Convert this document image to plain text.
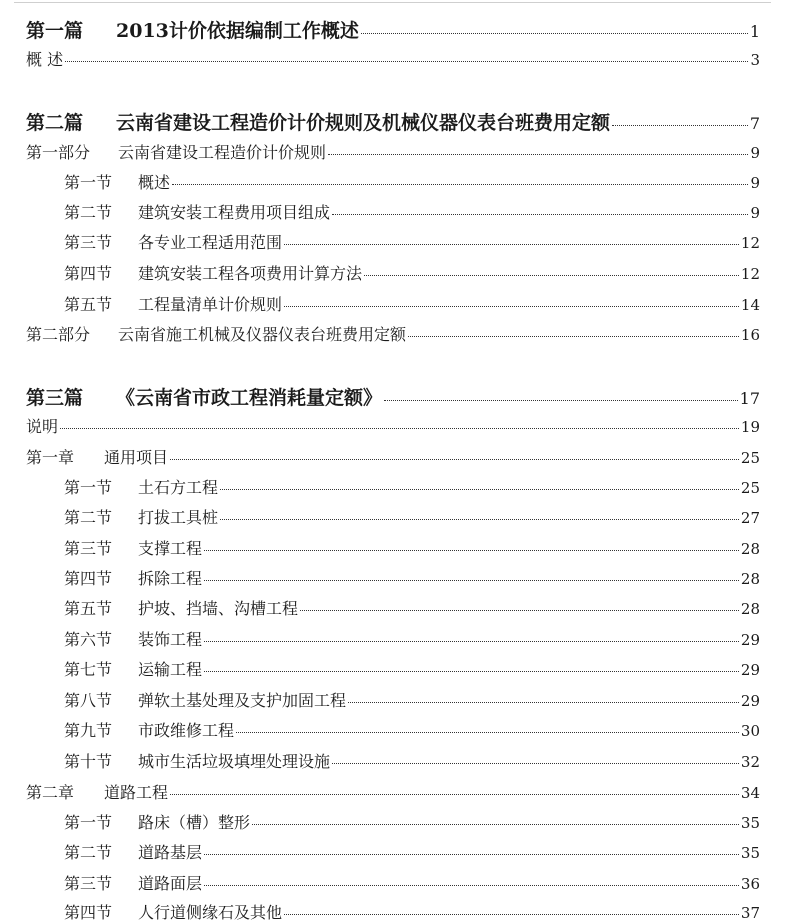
第一篇	2013计价依据编制工作概述	1
概 述	3
第二篇	云南省建设工程造价计价规则及机械仪器仪表台班费用定额	7
第一部分	云南省建设工程造价计价规则	9
第一节	概述	9
第二节	建筑安装工程费用项目组成	9
第三节	各专业工程适用范围	12
第四节	建筑安装工程各项费用计算方法	12
第五节	工程量清单计价规则	14
第二部分	云南省施工机械及仪器仪表台班费用定额	16
第三篇	《云南省市政工程消耗量定额》	17
说明	19
第一章	通用项目	25
第一节	土石方工程	25
第二节	打拔工具桩	27
第三节	支撑工程	28
第四节	拆除工程	28
第五节	护坡、挡墙、沟槽工程	28
第六节	装饰工程	29
第七节	运输工程	29
第八节	弹软土基处理及支护加固工程	29
第九节	市政维修工程	30
第十节	城市生活垃圾填埋处理设施	32
第二章	道路工程	34
第一节	路床（槽）整形	35
第二节	道路基层	35
第三节	道路面层	36
第四节	人行道侧缘石及其他	37
